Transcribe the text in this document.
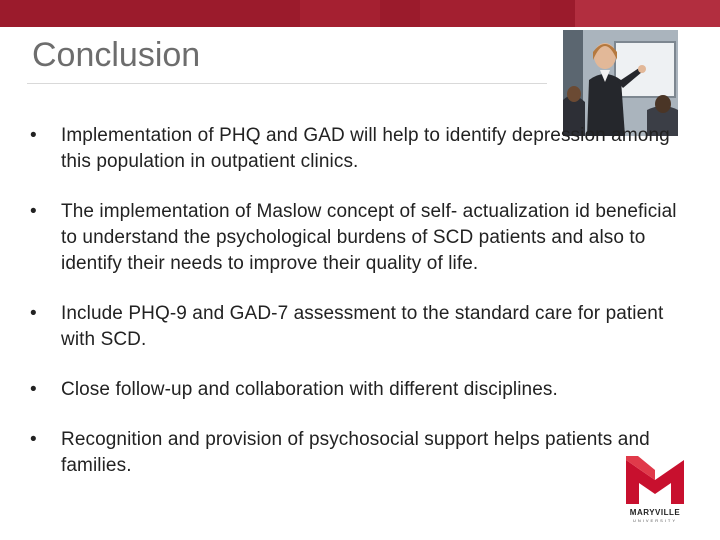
Conclusion
• Implementation of PHQ and GAD will help to identify depression among this population in outpatient clinics.
• The implementation of Maslow concept of self- actualization id beneficial to understand the psychological burdens of SCD patients and also to identify their needs to improve their quality of life.
• Include PHQ-9 and GAD-7 assessment to the standard care for patient with SCD.
• Close follow-up and collaboration with different disciplines.
• Recognition and provision of psychosocial support helps patients and families.
MARYVILLE
UNIVERSITY
